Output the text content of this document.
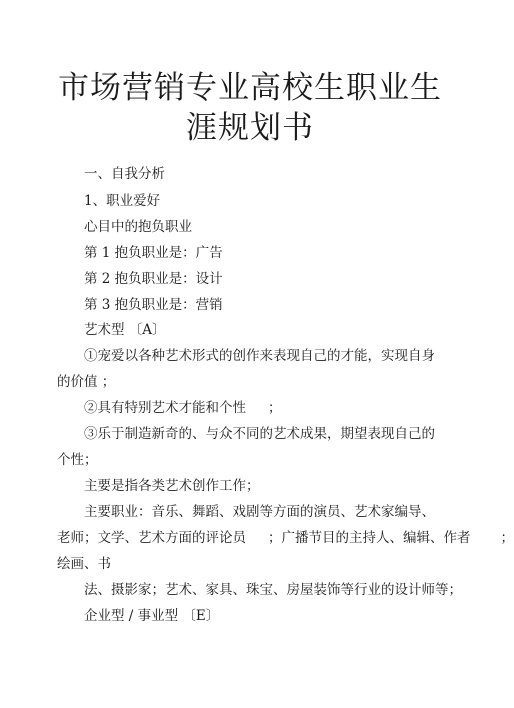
市场营销专业高校生职业生
涯规划书
一、自我分析
1、职业爱好
心目中的抱负职业
第 1 抱负职业是：广告
第 2 抱负职业是：设计
第 3 抱负职业是：营销
艺术型 〔A〕
①宠爱以各种艺术形式的创作来表现自己的才能，实现自身
的价值 ；
②具有特别艺术才能和个性 ；
③乐于制造新奇的、与众不同的艺术成果，期望表现自己的
个性；
主要是指各类艺术创作工作；
主要职业：音乐、舞蹈、戏剧等方面的演员、艺术家编导、
老师；文学、艺术方面的评论员 ；广播节目的主持人、编辑、作者 ；
绘画、书
法、摄影家；艺术、家具、珠宝、房屋装饰等行业的设计师等；
企业型 / 事业型 〔E〕
